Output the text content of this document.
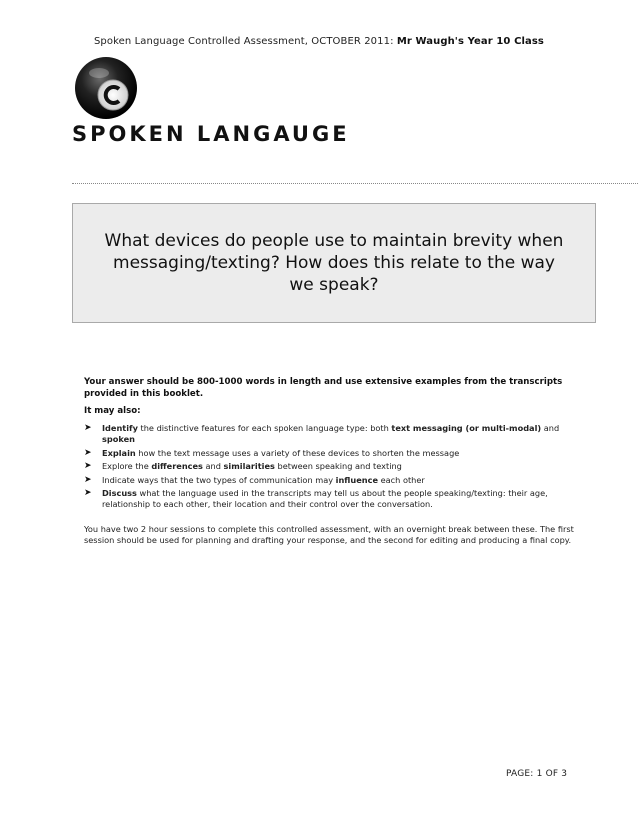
Spoken Language Controlled Assessment, OCTOBER 2011: Mr Waugh's Year 10 Class
SPOKEN LANGAUGE

What devices do people use to maintain brevity when messaging/texting? How does this relate to the way we speak?

Your answer should be 800-1000 words in length and use extensive examples from the transcripts provided in this booklet.

It may also:

➤ Identify the distinctive features for each spoken language type: both text messaging (or multi-modal) and spoken
➤ Explain how the text message uses a variety of these devices to shorten the message
➤ Explore the differences and similarities between speaking and texting
➤ Indicate ways that the two types of communication may influence each other
➤ Discuss what the language used in the transcripts may tell us about the people speaking/texting: their age, relationship to each other, their location and their control over the conversation.

You have two 2 hour sessions to complete this controlled assessment, with an overnight break between these. The first session should be used for planning and drafting your response, and the second for editing and producing a final copy.

PAGE: 1 OF 3
